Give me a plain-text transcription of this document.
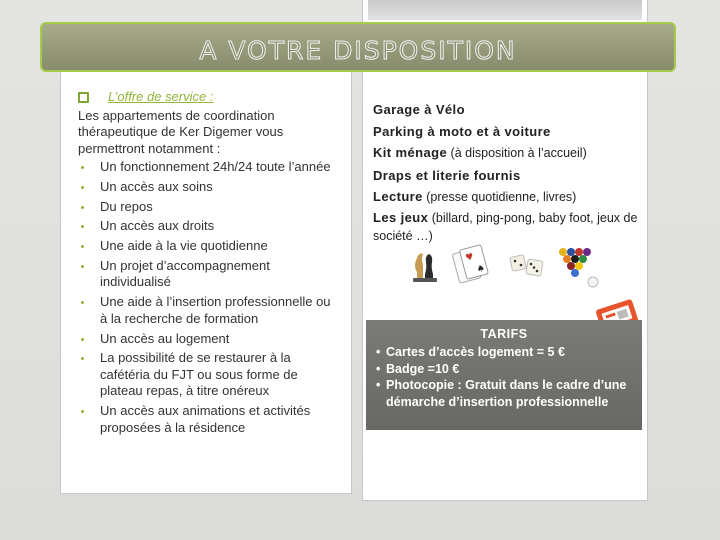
A VOTRE DISPOSITION
L’offre de service :
Les appartements de coordination thérapeutique de Ker Digemer vous permettront notamment :
Un fonctionnement 24h/24 toute l’année
Un accès aux soins
Du repos
Un accès aux droits
Une aide à la vie quotidienne
Un projet d’accompagnement individualisé
Une aide à l’insertion professionnelle ou à la recherche de formation
Un accès au logement
La possibilité de se restaurer à la cafétéria du FJT ou sous forme de plateau repas, à titre onéreux
Un accès aux animations et activités proposées à la résidence
Garage à Vélo
Parking à moto et à voiture
Kit ménage (à disposition à l’accueil)
Draps et literie fournis
Lecture (presse quotidienne, livres)
Les jeux (billard, ping-pong, baby foot, jeux de société …)
♥
♠
TARIFS
• Cartes d’accès logement = 5 €
• Badge =10 €
• Photocopie : Gratuit dans le cadre d’une démarche d’insertion professionnelle
